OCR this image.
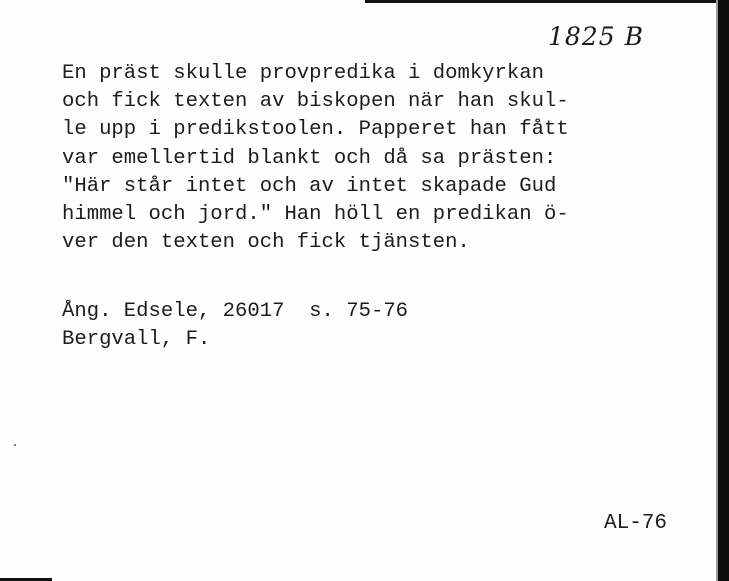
1825 B
En präst skulle provpredika i domkyrkan
och fick texten av biskopen när han skul-
le upp i predikstoolen. Papperet han fått
var emellertid blankt och då sa prästen:
"Här står intet och av intet skapade Gud
himmel och jord." Han höll en predikan ö-
ver den texten och fick tjänsten.
Ång. Edsele, 26017  s. 75-76
Bergvall, F.
AL-76
